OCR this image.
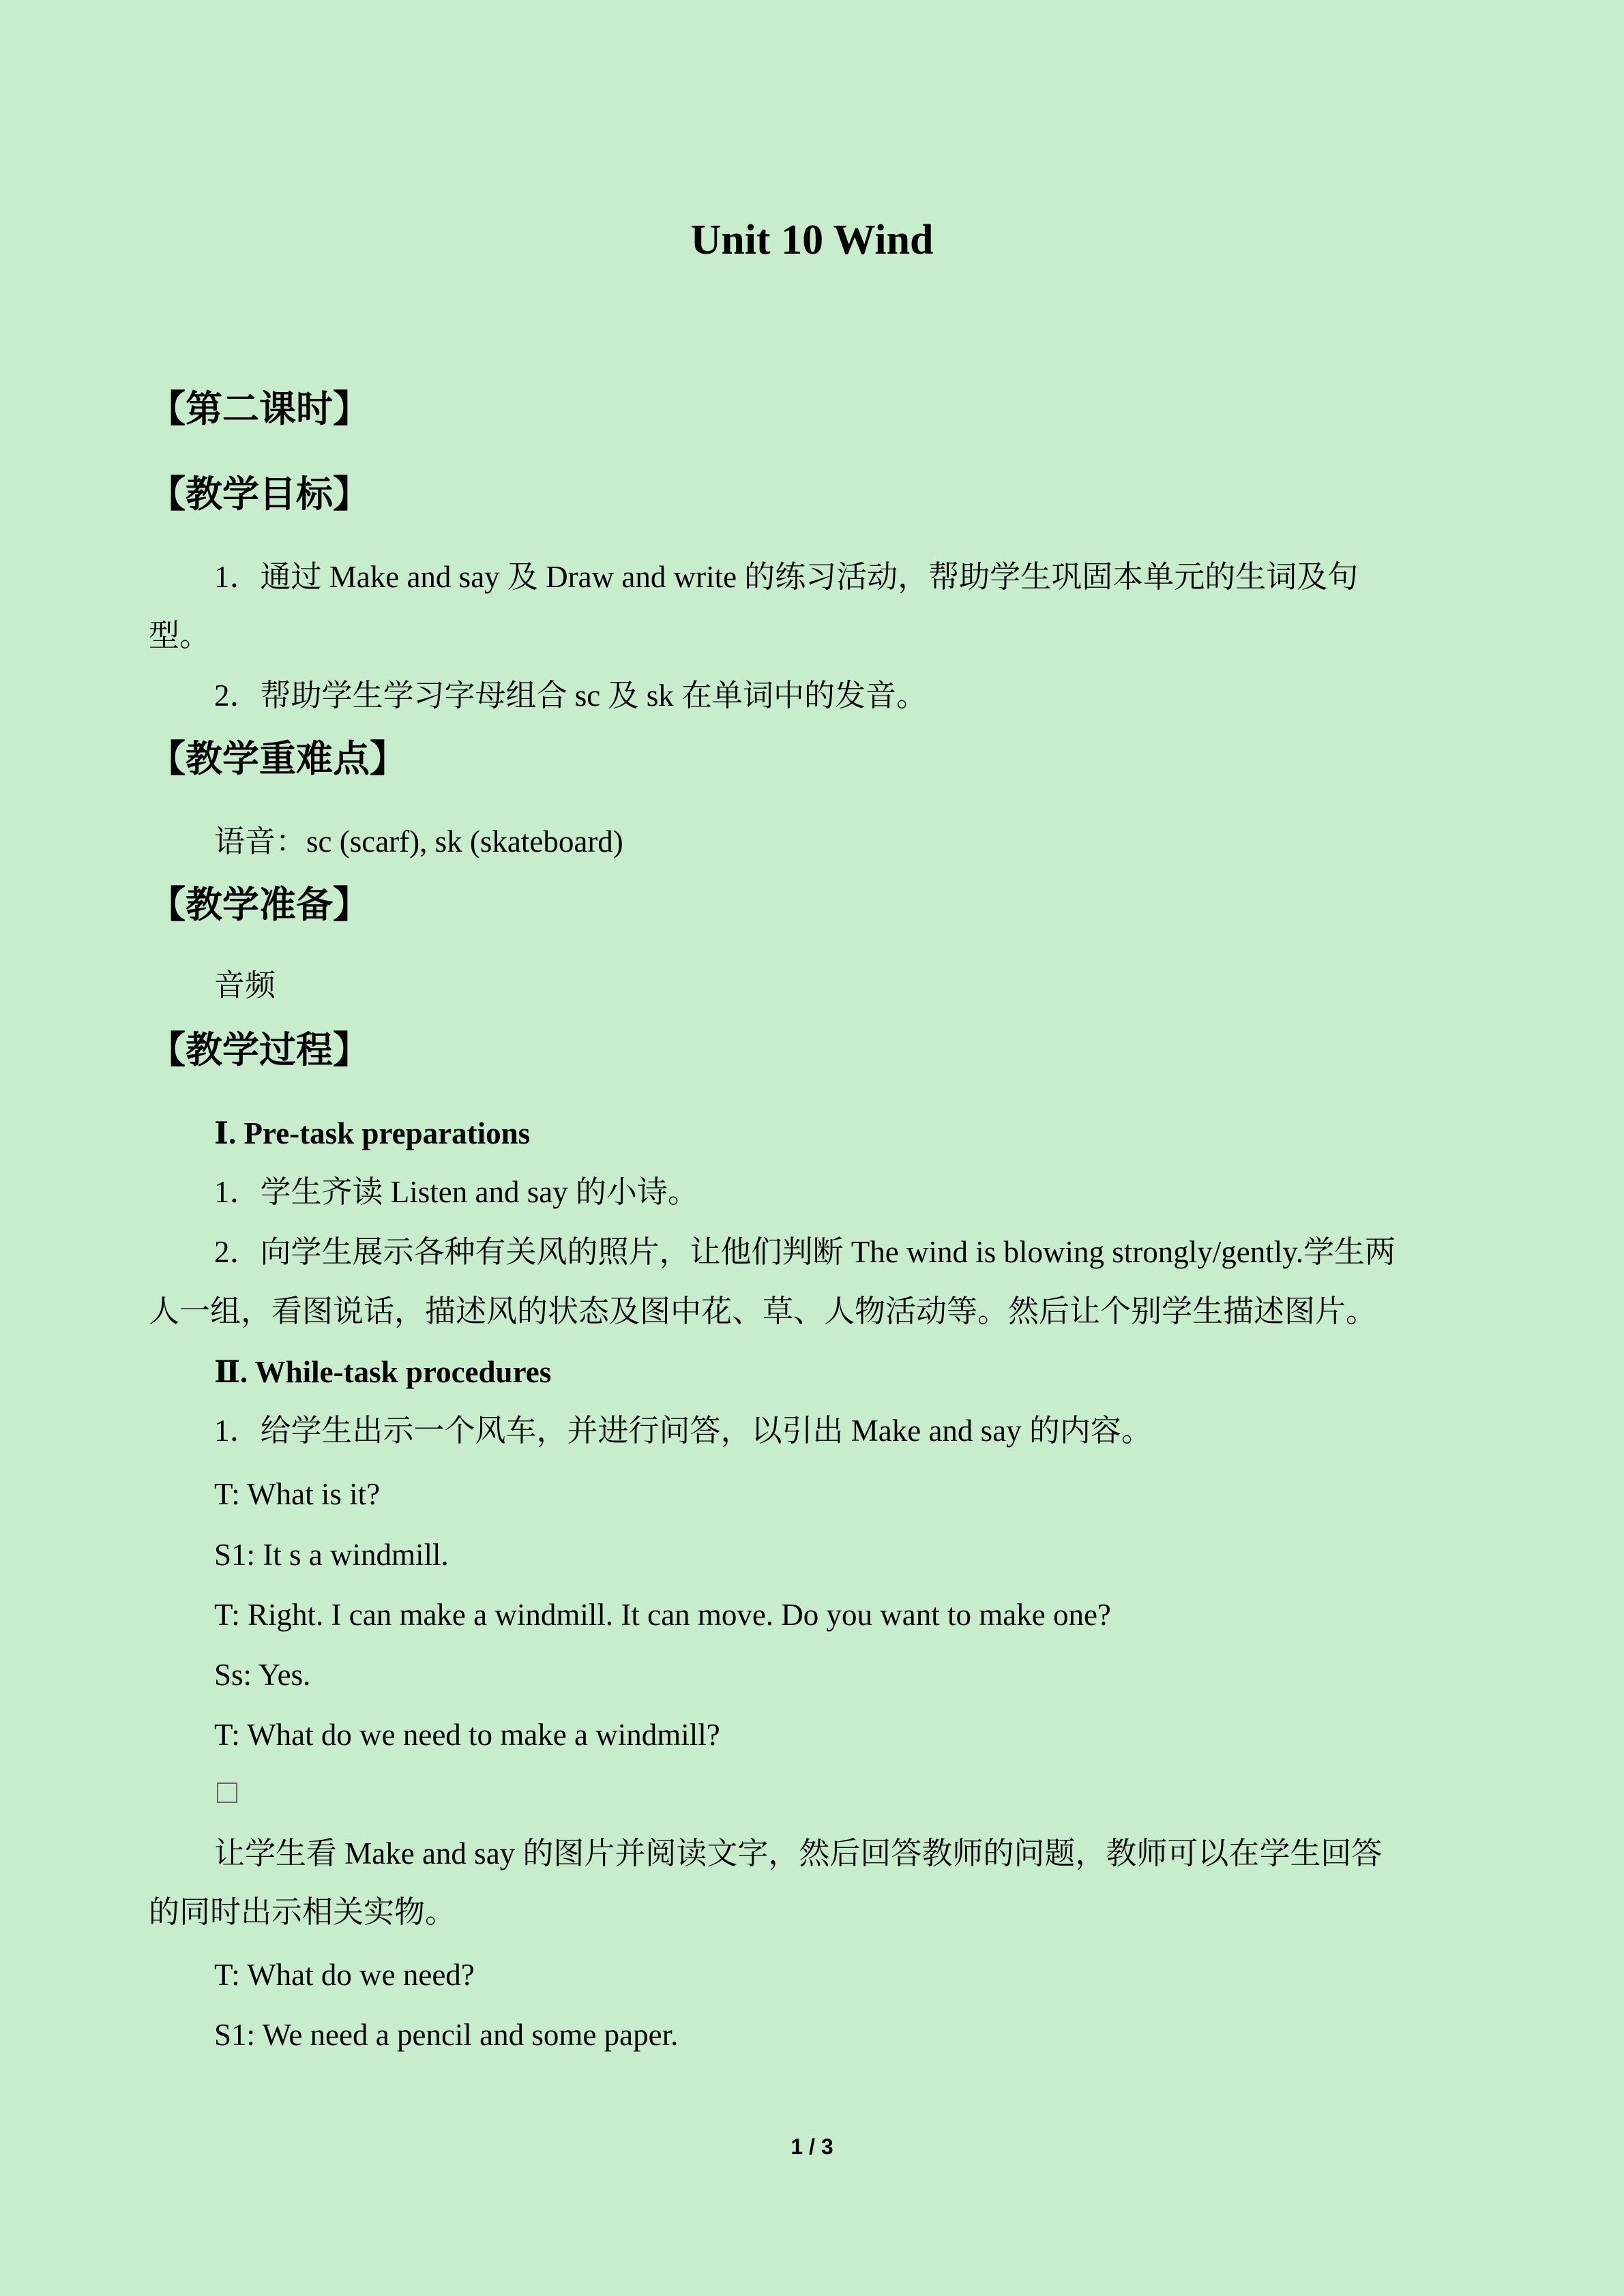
Unit 10 Wind
【第二课时】
【教学目标】
1．通过 Make and say 及 Draw and write 的练习活动，帮助学生巩固本单元的生词及句
型。
2．帮助学生学习字母组合 sc 及 sk 在单词中的发音。
【教学重难点】
语音：sc (scarf), sk (skateboard)
【教学准备】
音频
【教学过程】
Ⅰ. Pre-task preparations
1．学生齐读 Listen and say 的小诗。
2．向学生展示各种有关风的照片，让他们判断 The wind is blowing strongly/gently.学生两
人一组，看图说话，描述风的状态及图中花、草、人物活动等。然后让个别学生描述图片。
Ⅱ. While-task procedures
1．给学生出示一个风车，并进行问答，以引出 Make and say 的内容。
T: What is it?
S1: It s a windmill.
T: Right. I can make a windmill. It can move. Do you want to make one?
Ss: Yes.
T: What do we need to make a windmill?
让学生看 Make and say 的图片并阅读文字，然后回答教师的问题，教师可以在学生回答
的同时出示相关实物。
T: What do we need?
S1: We need a pencil and some paper.
1 / 3
